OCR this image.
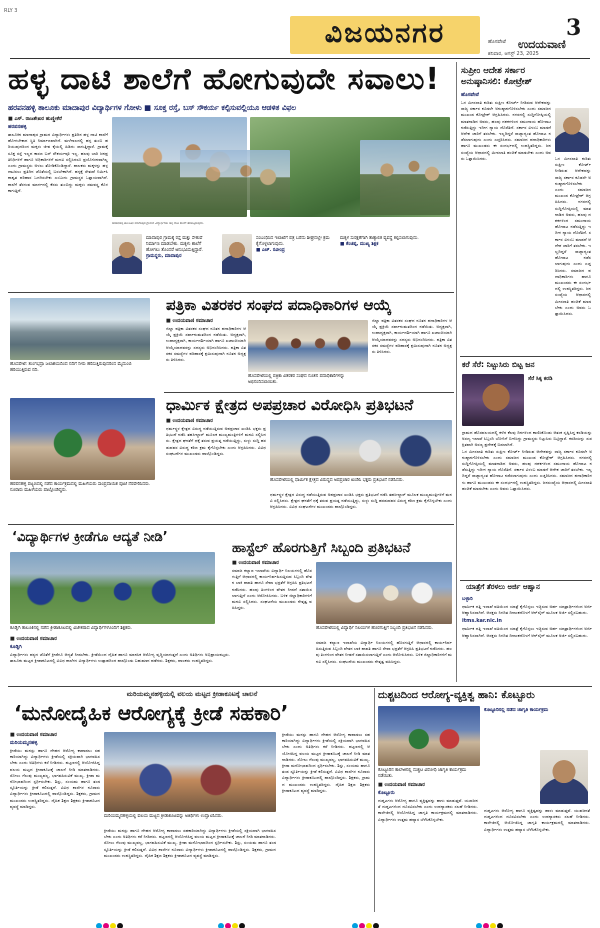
RLY 3
ವಿಜಯನಗರ	3
ಹೊಸಪೇಟೆ ಉದಯವಾಣಿ
ಶನಿವಾರ, ಆಗಸ್ಟ್ 23, 2025
ಹಳ್ಳ ದಾಟಿ ಶಾಲೆಗೆ ಹೋಗುವುದೇ ಸವಾಲು!
ಹರಪನಹಳ್ಳಿ ತಾಲೂಕು ಮಾದಾಪುರ ವಿದ್ಯಾರ್ಥಿಗಳ ಗೋಳು ■ ಸೂಕ್ತ ರಸ್ತೆ, ಬಸ್ ಸೌಕರ್ಯ ಕಲ್ಪಿಸುವಲ್ಲಿಯೂ ಆಡಳಿತ ವಿಫಲ
■ ಎಸ್. ರಾಜಶೇಖರ ಹುಣ್ಣೀಕೆರೆ
ಹರಪನಹಳ್ಳಿ
ತಾಲೂಕಿನ ಮಾದಾಪುರ ಗ್ರಾಮದ ವಿದ್ಯಾರ್ಥಿಗಳು ಪ್ರತಿದಿನ ಹಳ್ಳ ದಾಟಿ ಶಾಲೆಗೆ ಹೋಗಬೇಕಾದ ಸ್ಥಿತಿ ನಿರ್ಮಾಣವಾಗಿದೆ. ಮಳೆಗಾಲದಲ್ಲಿ ಹಳ್ಳ ತುಂಬಿ ಹರಿಯುವುದರಿಂದ ಮಕ್ಕಳು ಜೀವ ಕೈಯಲ್ಲಿ ಹಿಡಿದು ಸಾಗುತ್ತಿದ್ದಾರೆ. ಗ್ರಾಮಕ್ಕೆ ಸೂಕ್ತ ರಸ್ತೆ ಇಲ್ಲದ ಕಾರಣ ಬಸ್ ಸೌಕರ್ಯವೂ ಇಲ್ಲ. ಹಲವು ಬಾರಿ ಜನಪ್ರತಿನಿಧಿಗಳಿಗೆ ಹಾಗೂ ಅಧಿಕಾರಿಗಳಿಗೆ ಮನವಿ ಸಲ್ಲಿಸಿದರೂ ಪ್ರಯೋಜನವಾಗಿಲ್ಲ ಎಂದು ಗ್ರಾಮಸ್ಥರು ಅಳಲು ತೋಡಿಕೊಂಡಿದ್ದಾರೆ. ಪಾಲಕರು ಮಕ್ಕಳನ್ನು ಹಳ್ಳ ದಾಟಿಸಲು ಪ್ರತಿದಿನ ಜೊತೆಯಲ್ಲಿ ಬರಬೇಕಾಗಿದೆ. ಹಳ್ಳಕ್ಕೆ ಸೇತುವೆ ನಿರ್ಮಿಸಿ ಶಾಶ್ವತ ಪರಿಹಾರ ಒದಗಿಸಬೇಕು ಎಂಬುದು ಗ್ರಾಮಸ್ಥರ ಒತ್ತಾಯವಾಗಿದೆ. ಶಾಲೆಗೆ ತೆರಳುವ ಮಾರ್ಗದಲ್ಲಿ ಕೆಸರು ತುಂಬಿದ್ದು ಮಕ್ಕಳು ಸಮವಸ್ತ್ರ ಕೊಳಕಾಗುತ್ತಿದೆ.
ಹರಪನಹಳ್ಳಿ ತಾಲೂಕಿನ ಮಾದಾಪುರ ಗ್ರಾಮದ ವಿದ್ಯಾರ್ಥಿಗಳು ಹಳ್ಳ ದಾಟಿ ಶಾಲೆಗೆ ತೆರಳುತ್ತಿರುವುದು.
ಮಾದಾಪುರ ಗ್ರಾಮಕ್ಕೆ ರಸ್ತೆ ಮತ್ತು ಸೇತುವೆ ನಿರ್ಮಾಣ ಮಾಡಬೇಕು. ಮಕ್ಕಳು ಶಾಲೆಗೆ ಹೋಗಲು ತೊಂದರೆ ಅನುಭವಿಸುತ್ತಿದ್ದಾರೆ.
ಗ್ರಾಮಸ್ಥರು, ಮಾದಾಪುರ
ಸಂಬಂಧಿಸಿದ ಇಲಾಖೆಗೆ ಪತ್ರ ಬರೆದು ಶೀಘ್ರದಲ್ಲೇ ಕ್ರಮ ಕೈಗೊಳ್ಳಲಾಗುವುದು.
■ ಎಚ್. ರವೀಂದ್ರ
ಮಕ್ಕಳ ಸುರಕ್ಷತೆಗಾಗಿ ತಾತ್ಕಾಲಿಕ ವ್ಯವಸ್ಥೆ ಕಲ್ಪಿಸಲಾಗುವುದು.
■ ಕೆಂಚಪ್ಪ, ಮುಖ್ಯ ಶಿಕ್ಷಕ
ಸುಪ್ರೀಂ ಆದೇಶ ಸರ್ಕಾರ ಅನುಷ್ಠಾನಿಸಲಿ: ಕೋಟ್ರೇಶ್
ಹೊಸಪೇಟೆ
ಒಳ ಮೀಸಲಾತಿ ಕುರಿತು ಸುಪ್ರೀಂ ಕೋರ್ಟ್ ನೀಡಿರುವ ಆದೇಶವನ್ನು ರಾಜ್ಯ ಸರ್ಕಾರ ಕೂಡಲೇ ಅನುಷ್ಠಾನಗೊಳಿಸಬೇಕು ಎಂದು ಸಮಾಜದ ಮುಖಂಡ ಕೋಟ್ರೇಶ್ ಆಗ್ರಹಿಸಿದರು. ನಗರದಲ್ಲಿ ಸುದ್ದಿಗೋಷ್ಠಿಯಲ್ಲಿ ಮಾತನಾಡಿದ ಅವರು, ಹಲವು ದಶಕಗಳಿಂದ ಸಮುದಾಯ ಹೋರಾಟ ನಡೆಸುತ್ತಿದ್ದು ಇದೀಗ ನ್ಯಾಯ ದೊರೆತಿದೆ. ಸರ್ಕಾರ ವಿಳಂಬ ಮಾಡದೆ ಆದೇಶ ಜಾರಿಗೆ ತರಬೇಕು. ಇಲ್ಲದಿದ್ದರೆ ರಾಜ್ಯಾದ್ಯಂತ ಹೋರಾಟ ನಡೆಸಲಾಗುವುದು ಎಂದು ಎಚ್ಚರಿಸಿದರು. ಸಮಾಜದ ಪದಾಧಿಕಾರಿಗಳು ಹಾಗೂ ಮುಖಂಡರು ಈ ಸಂದರ್ಭದಲ್ಲಿ ಉಪಸ್ಥಿತರಿದ್ದರು. ಜನಸಂಖ್ಯೆಯ ಆಧಾರದಲ್ಲಿ ಮೀಸಲಾತಿ ಹಂಚಿಕೆ ಮಾಡಬೇಕು ಎಂದು ಅವರು ಒತ್ತಾಯಿಸಿದರು.	ಒಳ ಮೀಸಲಾತಿ ಕುರಿತು ಸುಪ್ರೀಂ ಕೋರ್ಟ್ ನೀಡಿರುವ ಆದೇಶವನ್ನು ರಾಜ್ಯ ಸರ್ಕಾರ ಕೂಡಲೇ ಅನುಷ್ಠಾನಗೊಳಿಸಬೇಕು ಎಂದು ಸಮಾಜದ ಮುಖಂಡ ಕೋಟ್ರೇಶ್ ಆಗ್ರಹಿಸಿದರು. ನಗರದಲ್ಲಿ ಸುದ್ದಿಗೋಷ್ಠಿಯಲ್ಲಿ ಮಾತನಾಡಿದ ಅವರು, ಹಲವು ದಶಕಗಳಿಂದ ಸಮುದಾಯ ಹೋರಾಟ ನಡೆಸುತ್ತಿದ್ದು ಇದೀಗ ನ್ಯಾಯ ದೊರೆತಿದೆ. ಸರ್ಕಾರ ವಿಳಂಬ ಮಾಡದೆ ಆದೇಶ ಜಾರಿಗೆ ತರಬೇಕು. ಇಲ್ಲದಿದ್ದರೆ ರಾಜ್ಯಾದ್ಯಂತ ಹೋರಾಟ ನಡೆಸಲಾಗುವುದು ಎಂದು ಎಚ್ಚರಿಸಿದರು. ಸಮಾಜದ ಪದಾಧಿಕಾರಿಗಳು ಹಾಗೂ ಮುಖಂಡರು ಈ ಸಂದರ್ಭದಲ್ಲಿ ಉಪಸ್ಥಿತರಿದ್ದರು. ಜನಸಂಖ್ಯೆಯ ಆಧಾರದಲ್ಲಿ ಮೀಸಲಾತಿ ಹಂಚಿಕೆ ಮಾಡಬೇಕು ಎಂದು ಅವರು ಒತ್ತಾಯಿಸಿದರು.
ಕರೆ ಸೆರೆ: ನಿಟ್ಟುಸಿರು ಬಿಟ್ಟ ಜನ
ಸೆರೆ ಸಿಕ್ಕ ಕರಡಿ
ಗ್ರಾಮದ ಹೊರವಲಯದಲ್ಲಿ ಕಳೆದ ಕೆಲವು ದಿನಗಳಿಂದ ಕಾಣಿಸಿಕೊಂಡು ಆತಂಕ ಸೃಷ್ಟಿಸಿದ್ದ ಕರಡಿಯನ್ನು ಅರಣ್ಯ ಇಲಾಖೆ ಸಿಬ್ಬಂದಿ ಬೋನಿಗೆ ಬೀಳಿಸಿದ್ದು ಗ್ರಾಮಸ್ಥರು ನಿಟ್ಟುಸಿರು ಬಿಟ್ಟಿದ್ದಾರೆ. ಕರಡಿಯನ್ನು ಸುರಕ್ಷಿತವಾಗಿ ಅರಣ್ಯ ಪ್ರದೇಶಕ್ಕೆ ಬಿಡಲಾಗಿದೆ.
ಒಳ ಮೀಸಲಾತಿ ಕುರಿತು ಸುಪ್ರೀಂ ಕೋರ್ಟ್ ನೀಡಿರುವ ಆದೇಶವನ್ನು ರಾಜ್ಯ ಸರ್ಕಾರ ಕೂಡಲೇ ಅನುಷ್ಠಾನಗೊಳಿಸಬೇಕು ಎಂದು ಸಮಾಜದ ಮುಖಂಡ ಕೋಟ್ರೇಶ್ ಆಗ್ರಹಿಸಿದರು. ನಗರದಲ್ಲಿ ಸುದ್ದಿಗೋಷ್ಠಿಯಲ್ಲಿ ಮಾತನಾಡಿದ ಅವರು, ಹಲವು ದಶಕಗಳಿಂದ ಸಮುದಾಯ ಹೋರಾಟ ನಡೆಸುತ್ತಿದ್ದು ಇದೀಗ ನ್ಯಾಯ ದೊರೆತಿದೆ. ಸರ್ಕಾರ ವಿಳಂಬ ಮಾಡದೆ ಆದೇಶ ಜಾರಿಗೆ ತರಬೇಕು. ಇಲ್ಲದಿದ್ದರೆ ರಾಜ್ಯಾದ್ಯಂತ ಹೋರಾಟ ನಡೆಸಲಾಗುವುದು ಎಂದು ಎಚ್ಚರಿಸಿದರು. ಸಮಾಜದ ಪದಾಧಿಕಾರಿಗಳು ಹಾಗೂ ಮುಖಂಡರು ಈ ಸಂದರ್ಭದಲ್ಲಿ ಉಪಸ್ಥಿತರಿದ್ದರು. ಜನಸಂಖ್ಯೆಯ ಆಧಾರದಲ್ಲಿ ಮೀಸಲಾತಿ ಹಂಚಿಕೆ ಮಾಡಬೇಕು ಎಂದು ಅವರು ಒತ್ತಾಯಿಸಿದರು.
ಯಾತ್ರೆಗೆ ತೆರಳಲು ಅರ್ಜಿ ಆಹ್ವಾನ
ಬಳ್ಳಾರಿ
ಧಾರ್ಮಿಕ ದತ್ತಿ ಇಲಾಖೆ ವತಿಯಿಂದ ಯಾತ್ರೆ ಕೈಗೊಳ್ಳಲು ಇಚ್ಛಿಸುವ ಅರ್ಹ ಯಾತ್ರಾರ್ಥಿಗಳಿಂದ ಅರ್ಜಿ ಆಹ್ವಾನಿಸಲಾಗಿದೆ. ಆಸಕ್ತರು ನಿಗದಿತ ದಿನಾಂಕದೊಳಗೆ ಆನ್‌ಲೈನ್ ಮೂಲಕ ಅರ್ಜಿ ಸಲ್ಲಿಸಬಹುದು.
itms.kar.nic.in
ಧಾರ್ಮಿಕ ದತ್ತಿ ಇಲಾಖೆ ವತಿಯಿಂದ ಯಾತ್ರೆ ಕೈಗೊಳ್ಳಲು ಇಚ್ಛಿಸುವ ಅರ್ಹ ಯಾತ್ರಾರ್ಥಿಗಳಿಂದ ಅರ್ಜಿ ಆಹ್ವಾನಿಸಲಾಗಿದೆ. ಆಸಕ್ತರು ನಿಗದಿತ ದಿನಾಂಕದೊಳಗೆ ಆನ್‌ಲೈನ್ ಮೂಲಕ ಅರ್ಜಿ ಸಲ್ಲಿಸಬಹುದು.
ಹೊಸಪೇಟೆ: ತುಂಗಭದ್ರಾ ಜಲಾಶಯದಿಂದ ನದಿಗೆ ನೀರು ಹರಿಸುತ್ತಿರುವುದರಿಂದ ಮೈದುಂಬಿ ಹರಿಯುತ್ತಿರುವ ನದಿ.
ಪತ್ರಿಕಾ ವಿತರಕರ ಸಂಘದ ಪದಾಧಿಕಾರಿಗಳ ಆಯ್ಕೆ
■ ಉದಯವಾಣಿ ಸಮಾಚಾರ
ಜಿಲ್ಲಾ ಪತ್ರಿಕಾ ವಿತರಕರ ಸಂಘದ ನೂತನ ಪದಾಧಿಕಾರಿಗಳ ಆಯ್ಕೆ ಪ್ರಕ್ರಿಯೆ ಸರ್ವಾನುಮತದಿಂದ ನಡೆಯಿತು. ಅಧ್ಯಕ್ಷರಾಗಿ, ಉಪಾಧ್ಯಕ್ಷರಾಗಿ, ಕಾರ್ಯದರ್ಶಿಯಾಗಿ ಹಾಗೂ ಖಜಾಂಚಿಯಾಗಿ ಆಯ್ಕೆಯಾದವರನ್ನು ಸದಸ್ಯರು ಅಭಿನಂದಿಸಿದರು. ಪತ್ರಿಕಾ ವಿತರಕರ ಸಮಸ್ಯೆಗಳ ಪರಿಹಾರಕ್ಕೆ ಶ್ರಮಿಸುವುದಾಗಿ ನೂತನ ಅಧ್ಯಕ್ಷರು ತಿಳಿಸಿದರು.
ಹೊಸಪೇಟೆಯಲ್ಲಿ ಪತ್ರಿಕಾ ವಿತರಕರ ಸಂಘದ ನೂತನ ಪದಾಧಿಕಾರಿಗಳನ್ನು ಅಭಿನಂದಿಸಲಾಯಿತು.
ಜಿಲ್ಲಾ ಪತ್ರಿಕಾ ವಿತರಕರ ಸಂಘದ ನೂತನ ಪದಾಧಿಕಾರಿಗಳ ಆಯ್ಕೆ ಪ್ರಕ್ರಿಯೆ ಸರ್ವಾನುಮತದಿಂದ ನಡೆಯಿತು. ಅಧ್ಯಕ್ಷರಾಗಿ, ಉಪಾಧ್ಯಕ್ಷರಾಗಿ, ಕಾರ್ಯದರ್ಶಿಯಾಗಿ ಹಾಗೂ ಖಜಾಂಚಿಯಾಗಿ ಆಯ್ಕೆಯಾದವರನ್ನು ಸದಸ್ಯರು ಅಭಿನಂದಿಸಿದರು. ಪತ್ರಿಕಾ ವಿತರಕರ ಸಮಸ್ಯೆಗಳ ಪರಿಹಾರಕ್ಕೆ ಶ್ರಮಿಸುವುದಾಗಿ ನೂತನ ಅಧ್ಯಕ್ಷರು ತಿಳಿಸಿದರು.
ಹರಪನಹಳ್ಳಿ ಪಟ್ಟಣದಲ್ಲಿ ನಡೆದ ಕಾರ್ಯಕ್ರಮದಲ್ಲಿ ಮಹಿಳೆಯರು ಸಾಂಪ್ರದಾಯಿಕ ಪೂಜೆ ನೆರವೇರಿಸಿದರು. ನೂರಾರು ಮಹಿಳೆಯರು ಪಾಲ್ಗೊಂಡಿದ್ದರು.
ಧಾರ್ಮಿಕ ಕ್ಷೇತ್ರದ ಅಪಪ್ರಚಾರ ವಿರೋಧಿಸಿ ಪ್ರತಿಭಟನೆ
■ ಉದಯವಾಣಿ ಸಮಾಚಾರ
ಧರ್ಮಸ್ಥಳ ಕ್ಷೇತ್ರದ ವಿರುದ್ಧ ನಡೆಯುತ್ತಿರುವ ಅಪಪ್ರಚಾರ ಖಂಡಿಸಿ ಭಕ್ತರು ಪ್ರತಿಭಟನೆ ನಡೆಸಿ ತಹಸೀಲ್ದಾರ್ ಮೂಲಕ ಮುಖ್ಯಮಂತ್ರಿಗಳಿಗೆ ಮನವಿ ಸಲ್ಲಿಸಿದರು. ಕ್ಷೇತ್ರದ ಘನತೆಗೆ ಧಕ್ಕೆ ತರುವ ಪ್ರಯತ್ನ ನಡೆಯುತ್ತಿದ್ದು, ಸುಳ್ಳು ಸುದ್ದಿ ಹರಡುವವರ ವಿರುದ್ಧ ಕಠಿಣ ಕ್ರಮ ಕೈಗೊಳ್ಳಬೇಕು ಎಂದು ಆಗ್ರಹಿಸಿದರು. ವಿವಿಧ ಸಂಘಟನೆಗಳ ಮುಖಂಡರು ಪಾಲ್ಗೊಂಡಿದ್ದರು.
ಹೊಸಪೇಟೆಯಲ್ಲಿ ಧಾರ್ಮಿಕ ಕ್ಷೇತ್ರದ ವಿರುದ್ಧದ ಅಪಪ್ರಚಾರ ಖಂಡಿಸಿ ಭಕ್ತರು ಪ್ರತಿಭಟನೆ ನಡೆಸಿದರು.
ಧರ್ಮಸ್ಥಳ ಕ್ಷೇತ್ರದ ವಿರುದ್ಧ ನಡೆಯುತ್ತಿರುವ ಅಪಪ್ರಚಾರ ಖಂಡಿಸಿ ಭಕ್ತರು ಪ್ರತಿಭಟನೆ ನಡೆಸಿ ತಹಸೀಲ್ದಾರ್ ಮೂಲಕ ಮುಖ್ಯಮಂತ್ರಿಗಳಿಗೆ ಮನವಿ ಸಲ್ಲಿಸಿದರು. ಕ್ಷೇತ್ರದ ಘನತೆಗೆ ಧಕ್ಕೆ ತರುವ ಪ್ರಯತ್ನ ನಡೆಯುತ್ತಿದ್ದು, ಸುಳ್ಳು ಸುದ್ದಿ ಹರಡುವವರ ವಿರುದ್ಧ ಕಠಿಣ ಕ್ರಮ ಕೈಗೊಳ್ಳಬೇಕು ಎಂದು ಆಗ್ರಹಿಸಿದರು. ವಿವಿಧ ಸಂಘಟನೆಗಳ ಮುಖಂಡರು ಪಾಲ್ಗೊಂಡಿದ್ದರು.
‘ವಿದ್ಯಾರ್ಥಿಗಳ ಕ್ರೀಡೆಗೂ ಆದ್ಯತೆ ನೀಡಿ’
ಕೂಡ್ಲಿಗಿ ತಾಲೂಕಿನಲ್ಲಿ ನಡೆದ ಕ್ರೀಡಾಕೂಟದಲ್ಲಿ ವಿಜೇತರಾದ ವಿದ್ಯಾರ್ಥಿಗಳೊಂದಿಗೆ ಶಿಕ್ಷಕರು.
■ ಉದಯವಾಣಿ ಸಮಾಚಾರ
ಕೂಡ್ಲಿಗಿ
ವಿದ್ಯಾರ್ಥಿಗಳು ಪಠ್ಯದ ಜೊತೆಗೆ ಕ್ರೀಡೆಗೂ ಆದ್ಯತೆ ನೀಡಬೇಕು. ಕ್ರೀಡೆಯಿಂದ ದೈಹಿಕ ಹಾಗೂ ಮಾನಸಿಕ ಆರೋಗ್ಯ ವೃದ್ಧಿಯಾಗುತ್ತದೆ ಎಂದು ಅತಿಥಿಗಳು ಅಭಿಪ್ರಾಯಪಟ್ಟರು. ತಾಲೂಕು ಮಟ್ಟದ ಕ್ರೀಡಾಕೂಟದಲ್ಲಿ ವಿವಿಧ ಶಾಲೆಗಳ ವಿದ್ಯಾರ್ಥಿಗಳು ಉತ್ಸಾಹದಿಂದ ಪಾಲ್ಗೊಂಡು ಬಹುಮಾನ ಪಡೆದರು. ಶಿಕ್ಷಕರು, ಪಾಲಕರು ಉಪಸ್ಥಿತರಿದ್ದರು.
ಹಾಸ್ಟೆಲ್ ಹೊರಗುತ್ತಿಗೆ ಸಿಬ್ಬಂದಿ ಪ್ರತಿಭಟನೆ
■ ಉದಯವಾಣಿ ಸಮಾಚಾರ
ಸಮಾಜ ಕಲ್ಯಾಣ ಇಲಾಖೆಯ ವಿದ್ಯಾರ್ಥಿ ನಿಲಯಗಳಲ್ಲಿ ಹೊರಗುತ್ತಿಗೆ ಆಧಾರದಲ್ಲಿ ಕಾರ್ಯನಿರ್ವಹಿಸುತ್ತಿರುವ ಸಿಬ್ಬಂದಿ ವೇತನ ಬಾಕಿ ಪಾವತಿ ಹಾಗೂ ಸೇವಾ ಭದ್ರತೆಗೆ ಆಗ್ರಹಿಸಿ ಪ್ರತಿಭಟನೆ ನಡೆಸಿದರು. ಹಲವು ತಿಂಗಳಿಂದ ವೇತನ ನೀಡದೆ ಸತಾಯಿಸಲಾಗುತ್ತಿದೆ ಎಂದು ಆರೋಪಿಸಿದರು. ಬಳಿಕ ಜಿಲ್ಲಾಧಿಕಾರಿಗಳಿಗೆ ಮನವಿ ಸಲ್ಲಿಸಿದರು. ಸಂಘಟನೆಯ ಮುಖಂಡರು ನೇತೃತ್ವ ವಹಿಸಿದ್ದರು.
ಹೊಸಪೇಟೆಯಲ್ಲಿ ವಿದ್ಯಾರ್ಥಿ ನಿಲಯಗಳ ಹೊರಗುತ್ತಿಗೆ ಸಿಬ್ಬಂದಿ ಪ್ರತಿಭಟನೆ ನಡೆಸಿದರು.
ಸಮಾಜ ಕಲ್ಯಾಣ ಇಲಾಖೆಯ ವಿದ್ಯಾರ್ಥಿ ನಿಲಯಗಳಲ್ಲಿ ಹೊರಗುತ್ತಿಗೆ ಆಧಾರದಲ್ಲಿ ಕಾರ್ಯನಿರ್ವಹಿಸುತ್ತಿರುವ ಸಿಬ್ಬಂದಿ ವೇತನ ಬಾಕಿ ಪಾವತಿ ಹಾಗೂ ಸೇವಾ ಭದ್ರತೆಗೆ ಆಗ್ರಹಿಸಿ ಪ್ರತಿಭಟನೆ ನಡೆಸಿದರು. ಹಲವು ತಿಂಗಳಿಂದ ವೇತನ ನೀಡದೆ ಸತಾಯಿಸಲಾಗುತ್ತಿದೆ ಎಂದು ಆರೋಪಿಸಿದರು. ಬಳಿಕ ಜಿಲ್ಲಾಧಿಕಾರಿಗಳಿಗೆ ಮನವಿ ಸಲ್ಲಿಸಿದರು. ಸಂಘಟನೆಯ ಮುಖಂಡರು ನೇತೃತ್ವ ವಹಿಸಿದ್ದರು.
ಮರಿಯಮ್ಮನಹಳ್ಳಿಯಲ್ಲಿ ವಲಯ ಮಟ್ಟದ ಕ್ರೀಡಾಕೂಟಕ್ಕೆ ಚಾಲನೆ
‘ಮನೋದೈಹಿಕ ಆರೋಗ್ಯಕ್ಕೆ ಕ್ರೀಡೆ ಸಹಕಾರಿ’
■ ಉದಯವಾಣಿ ಸಮಾಚಾರ
ಮರಿಯಮ್ಮನಹಳ್ಳಿ
ಕ್ರೀಡೆಯು ಮನಸ್ಸು ಹಾಗೂ ದೇಹದ ಆರೋಗ್ಯ ಕಾಪಾಡಲು ಸಹಕಾರಿಯಾಗಿದ್ದು ವಿದ್ಯಾರ್ಥಿಗಳು ಕ್ರೀಡೆಯಲ್ಲಿ ಸಕ್ರಿಯವಾಗಿ ಭಾಗವಹಿಸಬೇಕು ಎಂದು ಅತಿಥಿಗಳು ಕರೆ ನೀಡಿದರು. ಪಟ್ಟಣದಲ್ಲಿ ಆಯೋಜಿಸಿದ್ದ ವಲಯ ಮಟ್ಟದ ಕ್ರೀಡಾಕೂಟಕ್ಕೆ ಚಾಲನೆ ನೀಡಿ ಮಾತನಾಡಿದರು. ಸೋಲು ಗೆಲುವು ಮುಖ್ಯವಲ್ಲ, ಭಾಗವಹಿಸುವಿಕೆ ಮುಖ್ಯ. ಕ್ರೀಡಾ ಮನೋಭಾವದಿಂದ ಸ್ಪರ್ಧಿಸಬೇಕು. ಶಿಸ್ತು, ಸಂಯಮ ಹಾಗೂ ತಂಡ ಸ್ಫೂರ್ತಿಯನ್ನು ಕ್ರೀಡೆ ಕಲಿಸುತ್ತದೆ. ವಿವಿಧ ಶಾಲೆಗಳ ನೂರಾರು ವಿದ್ಯಾರ್ಥಿಗಳು ಕ್ರೀಡಾಕೂಟದಲ್ಲಿ ಪಾಲ್ಗೊಂಡಿದ್ದರು. ಶಿಕ್ಷಕರು, ಗ್ರಾಮದ ಮುಖಂಡರು ಉಪಸ್ಥಿತರಿದ್ದರು. ದೈಹಿಕ ಶಿಕ್ಷಣ ಶಿಕ್ಷಕರು ಕ್ರೀಡಾಕೂಟದ ವ್ಯವಸ್ಥೆ ಮಾಡಿದ್ದರು.
ಮರಿಯಮ್ಮನಹಳ್ಳಿಯಲ್ಲಿ ವಲಯ ಮಟ್ಟದ ಕ್ರೀಡಾಕೂಟವನ್ನು ಅತಿಥಿಗಳು ಉದ್ಘಾಟಿಸಿದರು.
ಕ್ರೀಡೆಯು ಮನಸ್ಸು ಹಾಗೂ ದೇಹದ ಆರೋಗ್ಯ ಕಾಪಾಡಲು ಸಹಕಾರಿಯಾಗಿದ್ದು ವಿದ್ಯಾರ್ಥಿಗಳು ಕ್ರೀಡೆಯಲ್ಲಿ ಸಕ್ರಿಯವಾಗಿ ಭಾಗವಹಿಸಬೇಕು ಎಂದು ಅತಿಥಿಗಳು ಕರೆ ನೀಡಿದರು. ಪಟ್ಟಣದಲ್ಲಿ ಆಯೋಜಿಸಿದ್ದ ವಲಯ ಮಟ್ಟದ ಕ್ರೀಡಾಕೂಟಕ್ಕೆ ಚಾಲನೆ ನೀಡಿ ಮಾತನಾಡಿದರು. ಸೋಲು ಗೆಲುವು ಮುಖ್ಯವಲ್ಲ, ಭಾಗವಹಿಸುವಿಕೆ ಮುಖ್ಯ. ಕ್ರೀಡಾ ಮನೋಭಾವದಿಂದ ಸ್ಪರ್ಧಿಸಬೇಕು. ಶಿಸ್ತು, ಸಂಯಮ ಹಾಗೂ ತಂಡ ಸ್ಫೂರ್ತಿಯನ್ನು ಕ್ರೀಡೆ ಕಲಿಸುತ್ತದೆ. ವಿವಿಧ ಶಾಲೆಗಳ ನೂರಾರು ವಿದ್ಯಾರ್ಥಿಗಳು ಕ್ರೀಡಾಕೂಟದಲ್ಲಿ ಪಾಲ್ಗೊಂಡಿದ್ದರು. ಶಿಕ್ಷಕರು, ಗ್ರಾಮದ ಮುಖಂಡರು ಉಪಸ್ಥಿತರಿದ್ದರು. ದೈಹಿಕ ಶಿಕ್ಷಣ ಶಿಕ್ಷಕರು ಕ್ರೀಡಾಕೂಟದ ವ್ಯವಸ್ಥೆ ಮಾಡಿದ್ದರು.
ಕ್ರೀಡೆಯು ಮನಸ್ಸು ಹಾಗೂ ದೇಹದ ಆರೋಗ್ಯ ಕಾಪಾಡಲು ಸಹಕಾರಿಯಾಗಿದ್ದು ವಿದ್ಯಾರ್ಥಿಗಳು ಕ್ರೀಡೆಯಲ್ಲಿ ಸಕ್ರಿಯವಾಗಿ ಭಾಗವಹಿಸಬೇಕು ಎಂದು ಅತಿಥಿಗಳು ಕರೆ ನೀಡಿದರು. ಪಟ್ಟಣದಲ್ಲಿ ಆಯೋಜಿಸಿದ್ದ ವಲಯ ಮಟ್ಟದ ಕ್ರೀಡಾಕೂಟಕ್ಕೆ ಚಾಲನೆ ನೀಡಿ ಮಾತನಾಡಿದರು. ಸೋಲು ಗೆಲುವು ಮುಖ್ಯವಲ್ಲ, ಭಾಗವಹಿಸುವಿಕೆ ಮುಖ್ಯ. ಕ್ರೀಡಾ ಮನೋಭಾವದಿಂದ ಸ್ಪರ್ಧಿಸಬೇಕು. ಶಿಸ್ತು, ಸಂಯಮ ಹಾಗೂ ತಂಡ ಸ್ಫೂರ್ತಿಯನ್ನು ಕ್ರೀಡೆ ಕಲಿಸುತ್ತದೆ. ವಿವಿಧ ಶಾಲೆಗಳ ನೂರಾರು ವಿದ್ಯಾರ್ಥಿಗಳು ಕ್ರೀಡಾಕೂಟದಲ್ಲಿ ಪಾಲ್ಗೊಂಡಿದ್ದರು. ಶಿಕ್ಷಕರು, ಗ್ರಾಮದ ಮುಖಂಡರು ಉಪಸ್ಥಿತರಿದ್ದರು. ದೈಹಿಕ ಶಿಕ್ಷಣ ಶಿಕ್ಷಕರು ಕ್ರೀಡಾಕೂಟದ ವ್ಯವಸ್ಥೆ ಮಾಡಿದ್ದರು.
ದುಶ್ಚಟದಿಂದ ಆರೋಗ್ಯ-ವ್ಯಕ್ತಿತ್ವ ಹಾನಿ: ಕೊಟ್ಟೂರು
ಕೊಟ್ಟೂರಿನಲ್ಲಿ ನಡೆದ ಜಾಗೃತಿ ಕಾರ್ಯಕ್ರಮ
ಕೊಟ್ಟೂರಿನ ಕಾಲೇಜಿನಲ್ಲಿ ದುಶ್ಚಟ ವಿರೋಧಿ ಜಾಗೃತಿ ಕಾರ್ಯಕ್ರಮ ನಡೆಯಿತು.
■ ಉದಯವಾಣಿ ಸಮಾಚಾರ
ಕೊಟ್ಟೂರು
ದುಶ್ಚಟಗಳು ಆರೋಗ್ಯ ಹಾಗೂ ವ್ಯಕ್ತಿತ್ವವನ್ನು ಹಾಳು ಮಾಡುತ್ತವೆ. ಯುವಜನತೆ ದುಶ್ಚಟಗಳಿಂದ ದೂರವಿರಬೇಕು ಎಂದು ಉಪನ್ಯಾಸಕರು ಸಲಹೆ ನೀಡಿದರು. ಕಾಲೇಜಿನಲ್ಲಿ ಆಯೋಜಿಸಿದ್ದ ಜಾಗೃತಿ ಕಾರ್ಯಕ್ರಮದಲ್ಲಿ ಮಾತನಾಡಿದರು. ವಿದ್ಯಾರ್ಥಿಗಳು ಉತ್ತಮ ಹವ್ಯಾಸ ಬೆಳೆಸಿಕೊಳ್ಳಬೇಕು.
ದುಶ್ಚಟಗಳು ಆರೋಗ್ಯ ಹಾಗೂ ವ್ಯಕ್ತಿತ್ವವನ್ನು ಹಾಳು ಮಾಡುತ್ತವೆ. ಯುವಜನತೆ ದುಶ್ಚಟಗಳಿಂದ ದೂರವಿರಬೇಕು ಎಂದು ಉಪನ್ಯಾಸಕರು ಸಲಹೆ ನೀಡಿದರು. ಕಾಲೇಜಿನಲ್ಲಿ ಆಯೋಜಿಸಿದ್ದ ಜಾಗೃತಿ ಕಾರ್ಯಕ್ರಮದಲ್ಲಿ ಮಾತನಾಡಿದರು. ವಿದ್ಯಾರ್ಥಿಗಳು ಉತ್ತಮ ಹವ್ಯಾಸ ಬೆಳೆಸಿಕೊಳ್ಳಬೇಕು.
